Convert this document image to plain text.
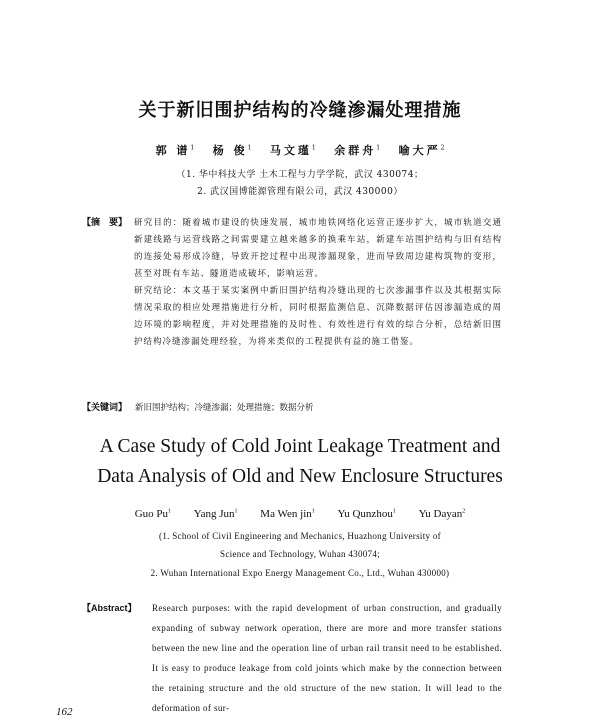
关于新旧围护结构的冷缝渗漏处理措施
郭 谱$^1$ 杨 俊$^1$ 马文瑾$^1$ 余群舟$^1$ 喻大严$^2$
（1. 华中科技大学 土木工程与力学学院，武汉 430074；
2. 武汉国博能源管理有限公司，武汉 430000）
【摘　要】 研究目的：随着城市建设的快速发展，城市地铁网络化运营正逐步扩大，城市轨道交通新建线路与运营线路之间需要建立越来越多的换乘车站，新建车站围护结构与旧有结构的连接处易形成冷缝，导致开挖过程中出现渗漏现象，进而导致周边建构筑物的变形，甚至对既有车站、隧道造成破坏，影响运营。

研究结论：本文基于某实案例中新旧围护结构冷缝出现的七次渗漏事件以及其根据实际情况采取的相应处理措施进行分析，同时根据监测信息、沉降数据评估因渗漏造成的周边环境的影响程度，并对处理措施的及时性、有效性进行有效的综合分析，总结新旧围护结构冷缝渗漏处理经验，为将来类似的工程提供有益的施工借鉴。

【关键词】 新旧围护结构；冷缝渗漏；处理措施；数据分析
A Case Study of Cold Joint Leakage Treatment and
Data Analysis of Old and New Enclosure Structures
Guo Pu$^1$ Yang Jun$^1$ Ma Wen jin$^1$ Yu Qunzhou$^1$ Yu Dayan$^2$
(1. School of Civil Engineering and Mechanics, Huazhong University of
Science and Technology, Wuhan 430074;
2. Wuhan International Expo Energy Management Co., Ltd., Wuhan 430000)
【Abstract】 Research purposes: with the rapid development of urban construction, and gradually expanding of subway network operation, there are more and more transfer stations between the new line and the operation line of urban rail transit need to be established. It is easy to produce leakage from cold joints which make by the connection between the retaining structure and the old structure of the new station. It will lead to the deformation of sur-
162
